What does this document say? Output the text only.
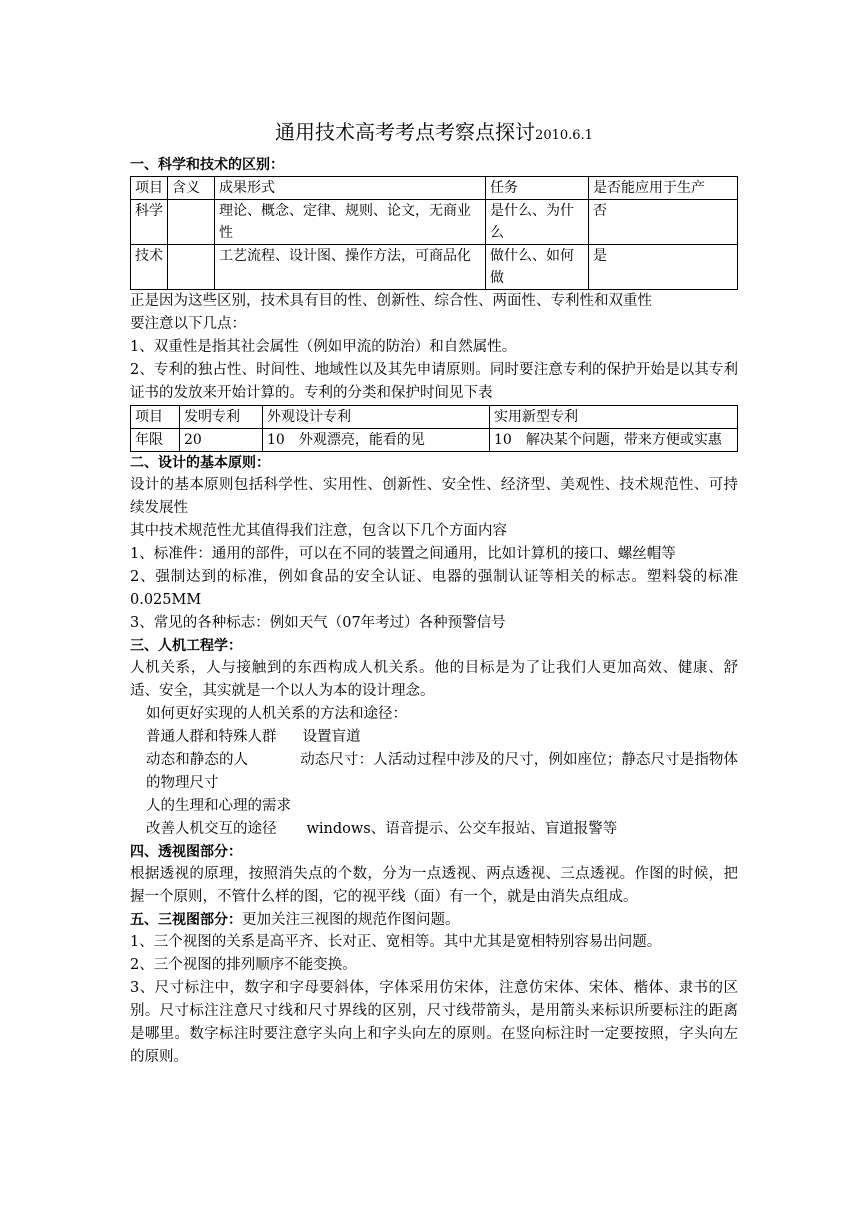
通用技术高考考点考察点探讨2010.6.1
一、科学和技术的区别：
项目	含义	成果形式	任务	是否能应用于生产
科学		理论、概念、定律、规则、论文，无商业性	是什么、为什么	否
技术		工艺流程、设计图、操作方法，可商品化	做什么、如何做	是

正是因为这些区别，技术具有目的性、创新性、综合性、两面性、专利性和双重性

要注意以下几点：

1、双重性是指其社会属性（例如甲流的防治）和自然属性。

2、专利的独占性、时间性、地域性以及其先申请原则。同时要注意专利的保护开始是以其专利证书的发放来开始计算的。专利的分类和保护时间见下表

项目	发明专利	外观设计专利	实用新型专利
年限	20	10　外观漂亮，能看的见	10　解决某个问题，带来方便或实惠
二、设计的基本原则：

设计的基本原则包括科学性、实用性、创新性、安全性、经济型、美观性、技术规范性、可持续发展性

其中技术规范性尤其值得我们注意，包含以下几个方面内容

1、标准件：通用的部件，可以在不同的装置之间通用，比如计算机的接口、螺丝帽等

2、强制达到的标准，例如食品的安全认证、电器的强制认证等相关的标志。塑料袋的标准0.025MM

3、常见的各种标志：例如天气（07年考过）各种预警信号

三、人机工程学：

人机关系，人与接触到的东西构成人机关系。他的目标是为了让我们人更加高效、健康、舒适、安全，其实就是一个以人为本的设计理念。

如何更好实现的人机关系的方法和途径：

普通人群和特殊人群 设置盲道

动态和静态的人	动态尺寸：人活动过程中涉及的尺寸，例如座位；静态尺寸是指物体的物理尺寸

人的生理和心理的需求

改善人机交互的途径 windows、语音提示、公交车报站、盲道报警等

四、透视图部分：

根据透视的原理，按照消失点的个数，分为一点透视、两点透视、三点透视。作图的时候，把握一个原则，不管什么样的图，它的视平线（面）有一个，就是由消失点组成。

五、三视图部分：更加关注三视图的规范作图问题。

1、三个视图的关系是高平齐、长对正、宽相等。其中尤其是宽相特别容易出问题。

2、三个视图的排列顺序不能变换。

3、尺寸标注中，数字和字母要斜体，字体采用仿宋体，注意仿宋体、宋体、楷体、隶书的区别。尺寸标注注意尺寸线和尺寸界线的区别，尺寸线带箭头，是用箭头来标识所要标注的距离是哪里。数字标注时要注意字头向上和字头向左的原则。在竖向标注时一定要按照，字头向左的原则。
